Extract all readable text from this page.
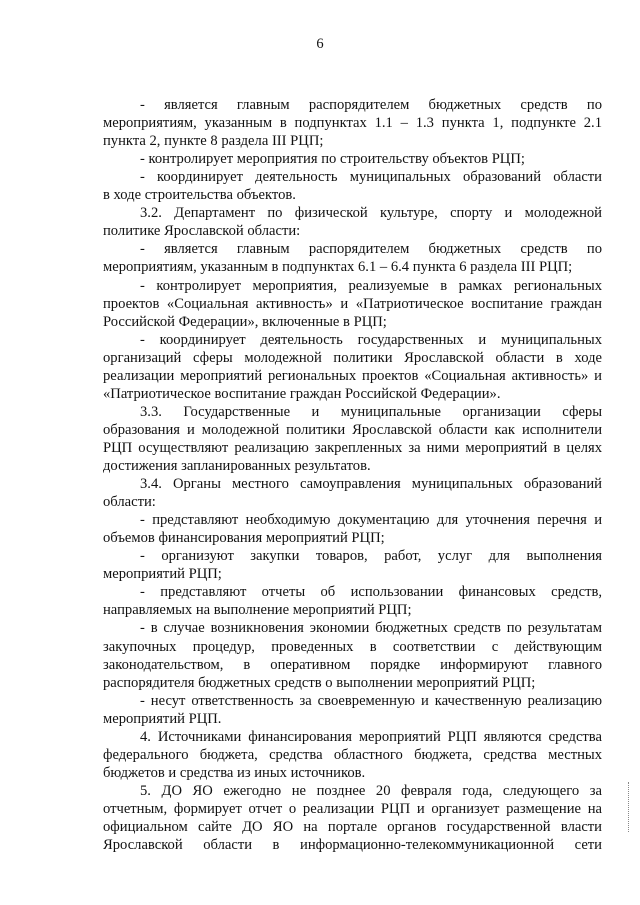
6
- является главным распорядителем бюджетных средств по
мероприятиям, указанным в подпунктах 1.1 – 1.3 пункта 1, подпункте 2.1
пункта 2, пункте 8 раздела III РЦП;
- контролирует мероприятия по строительству объектов РЦП;
- координирует деятельность муниципальных образований области
в ходе строительства объектов.
3.2. Департамент по физической культуре, спорту и молодежной
политике Ярославской области:
- является главным распорядителем бюджетных средств по
мероприятиям, указанным в подпунктах 6.1 – 6.4 пункта 6 раздела III РЦП;
- контролирует мероприятия, реализуемые в рамках региональных
проектов «Социальная активность» и «Патриотическое воспитание граждан
Российской Федерации», включенные в РЦП;
- координирует деятельность государственных и муниципальных
организаций сферы молодежной политики Ярославской области в ходе
реализации мероприятий региональных проектов «Социальная активность» и
«Патриотическое воспитание граждан Российской Федерации».
3.3. Государственные и муниципальные организации сферы
образования и молодежной политики Ярославской области как исполнители
РЦП осуществляют реализацию закрепленных за ними мероприятий в целях
достижения запланированных результатов.
3.4. Органы местного самоуправления муниципальных образований
области:
- представляют необходимую документацию для уточнения перечня и
объемов финансирования мероприятий РЦП;
- организуют закупки товаров, работ, услуг для выполнения
мероприятий РЦП;
- представляют отчеты об использовании финансовых средств,
направляемых на выполнение мероприятий РЦП;
- в случае возникновения экономии бюджетных средств по результатам
закупочных процедур, проведенных в соответствии с действующим
законодательством, в оперативном порядке информируют главного
распорядителя бюджетных средств о выполнении мероприятий РЦП;
- несут ответственность за своевременную и качественную реализацию
мероприятий РЦП.
4. Источниками финансирования мероприятий РЦП являются средства
федерального бюджета, средства областного бюджета, средства местных
бюджетов и средства из иных источников.
5. ДО ЯО ежегодно не позднее 20 февраля года, следующего за
отчетным, формирует отчет о реализации РЦП и организует размещение на
официальном сайте ДО ЯО на портале органов государственной власти
Ярославской области в информационно-телекоммуникационной сети
